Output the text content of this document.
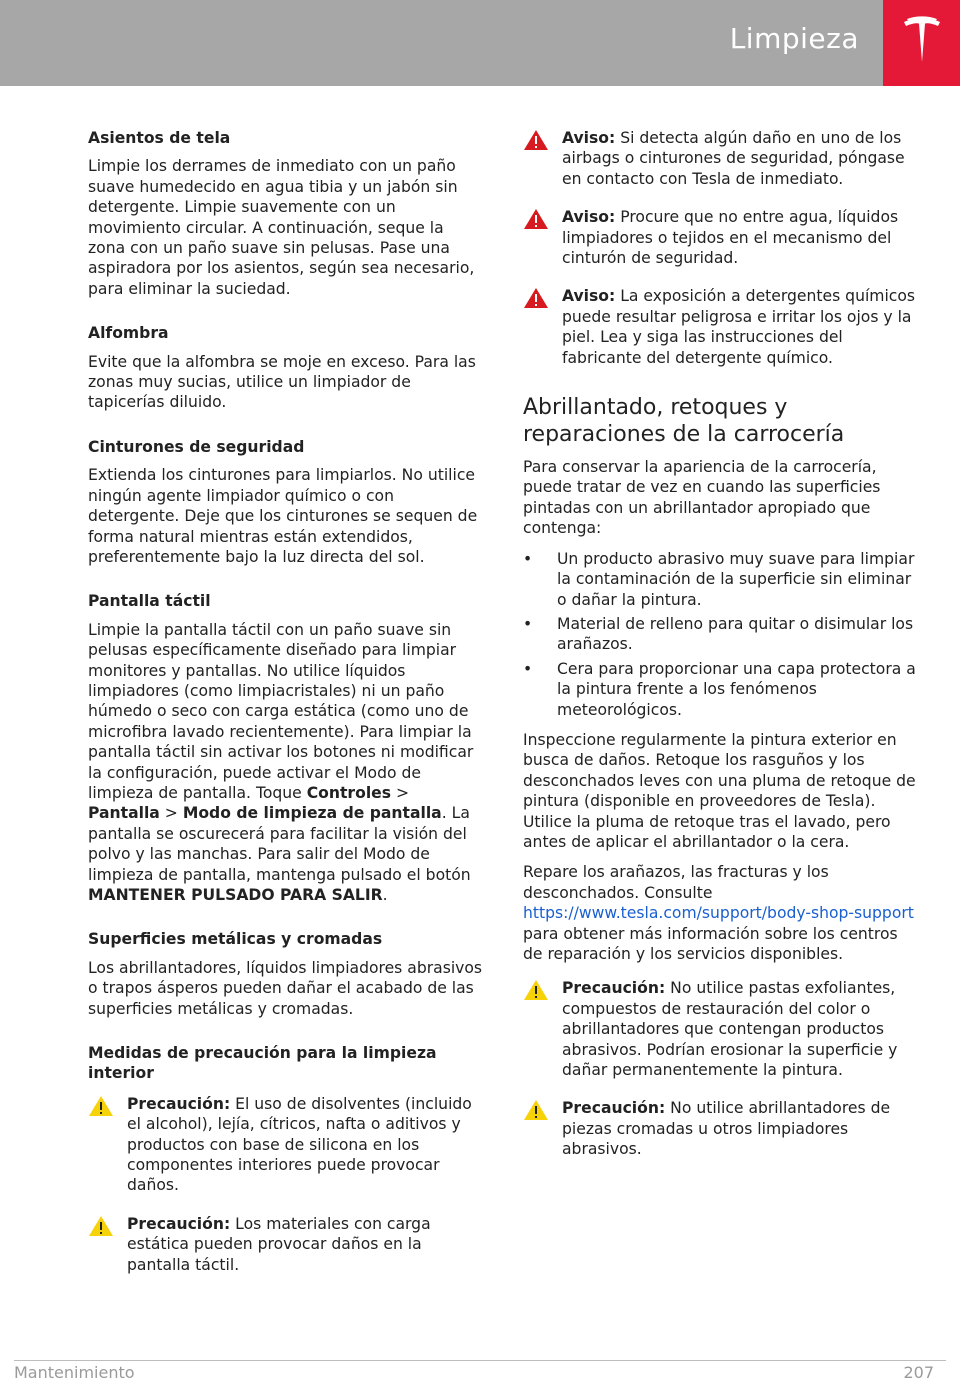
Limpieza
Asientos de tela
Limpie los derrames de inmediato con un paño suave humedecido en agua tibia y un jabón sin detergente. Limpie suavemente con un movimiento circular. A continuación, seque la zona con un paño suave sin pelusas. Pase una aspiradora por los asientos, según sea necesario, para eliminar la suciedad.
Alfombra
Evite que la alfombra se moje en exceso. Para las zonas muy sucias, utilice un limpiador de tapicerías diluido.
Cinturones de seguridad
Extienda los cinturones para limpiarlos. No utilice ningún agente limpiador químico o con detergente. Deje que los cinturones se sequen de forma natural mientras están extendidos, preferentemente bajo la luz directa del sol.
Pantalla táctil
Limpie la pantalla táctil con un paño suave sin pelusas específicamente diseñado para limpiar monitores y pantallas. No utilice líquidos limpiadores (como limpiacristales) ni un paño húmedo o seco con carga estática (como uno de microfibra lavado recientemente). Para limpiar la pantalla táctil sin activar los botones ni modificar la configuración, puede activar el Modo de limpieza de pantalla. Toque Controles > Pantalla > Modo de limpieza de pantalla. La pantalla se oscurecerá para facilitar la visión del polvo y las manchas. Para salir del Modo de limpieza de pantalla, mantenga pulsado el botón MANTENER PULSADO PARA SALIR.
Superficies metálicas y cromadas
Los abrillantadores, líquidos limpiadores abrasivos o trapos ásperos pueden dañar el acabado de las superficies metálicas y cromadas.
Medidas de precaución para la limpieza interior
Precaución: El uso de disolventes (incluido el alcohol), lejía, cítricos, nafta o aditivos y productos con base de silicona en los componentes interiores puede provocar daños.
Precaución: Los materiales con carga estática pueden provocar daños en la pantalla táctil.
Aviso: Si detecta algún daño en uno de los airbags o cinturones de seguridad, póngase en contacto con Tesla de inmediato.
Aviso: Procure que no entre agua, líquidos limpiadores o tejidos en el mecanismo del cinturón de seguridad.
Aviso: La exposición a detergentes químicos puede resultar peligrosa e irritar los ojos y la piel. Lea y siga las instrucciones del fabricante del detergente químico.
Abrillantado, retoques y reparaciones de la carrocería
Para conservar la apariencia de la carrocería, puede tratar de vez en cuando las superficies pintadas con un abrillantador apropiado que contenga:
• Un producto abrasivo muy suave para limpiar la contaminación de la superficie sin eliminar o dañar la pintura.
• Material de relleno para quitar o disimular los arañazos.
• Cera para proporcionar una capa protectora a la pintura frente a los fenómenos meteorológicos.
Inspeccione regularmente la pintura exterior en busca de daños. Retoque los rasguños y los desconchados leves con una pluma de retoque de pintura (disponible en proveedores de Tesla). Utilice la pluma de retoque tras el lavado, pero antes de aplicar el abrillantador o la cera.
Repare los arañazos, las fracturas y los desconchados. Consulte https://www.tesla.com/support/body-shop-support para obtener más información sobre los centros de reparación y los servicios disponibles.
Precaución: No utilice pastas exfoliantes, compuestos de restauración del color o abrillantadores que contengan productos abrasivos. Podrían erosionar la superficie y dañar permanentemente la pintura.
Precaución: No utilice abrillantadores de piezas cromadas u otros limpiadores abrasivos.
Mantenimiento	207
